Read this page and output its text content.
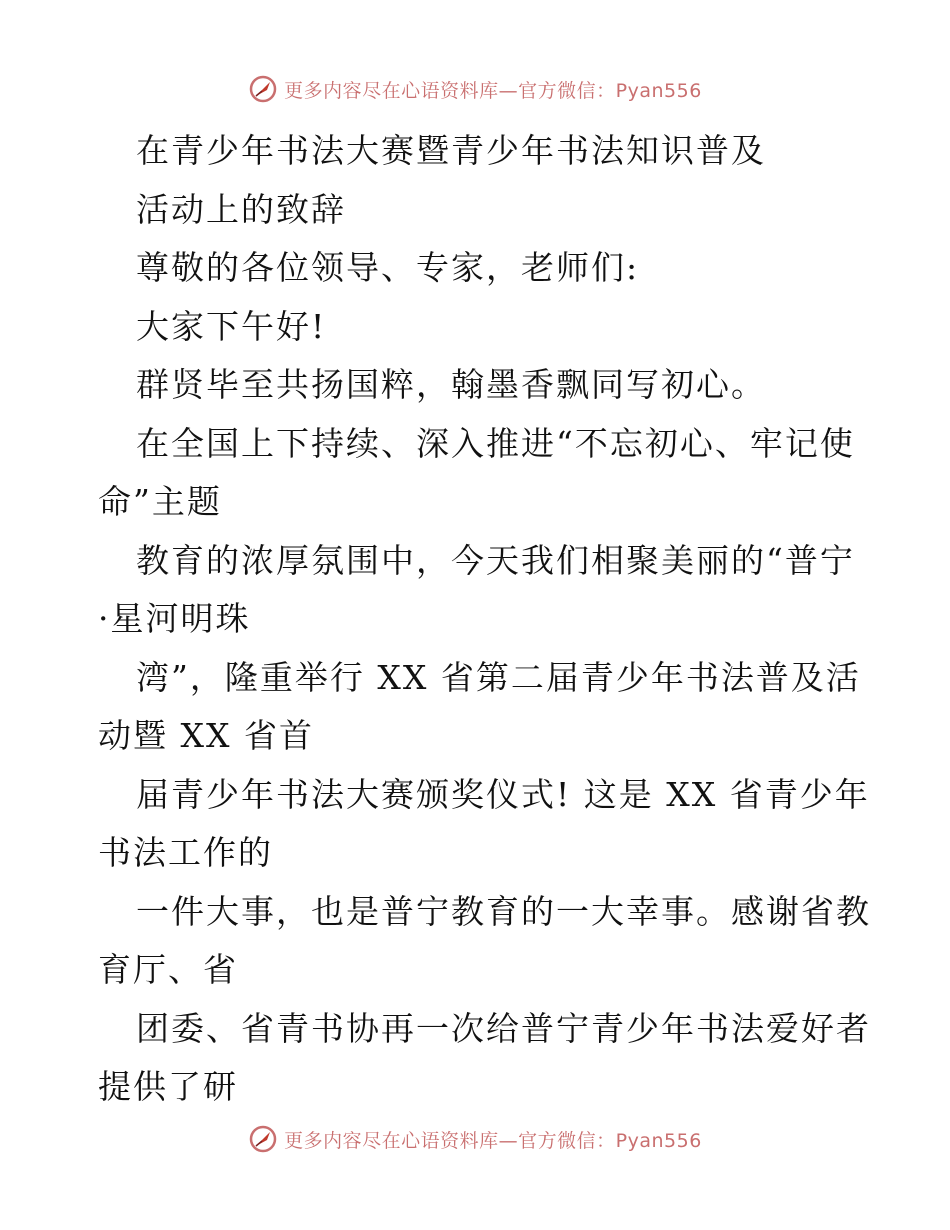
更多内容尽在心语资料库—官方微信：Pyan556
在青少年书法大赛暨青少年书法知识普及
活动上的致辞
尊敬的各位领导、专家，老师们:
大家下午好!
群贤毕至共扬国粹，翰墨香飘同写初心。
在全国上下持续、深入推进“不忘初心、牢记使
命”主题
教育的浓厚氛围中，今天我们相聚美丽的“普宁
·星河明珠
湾”，隆重举行 XX 省第二届青少年书法普及活
动暨 XX 省首
届青少年书法大赛颁奖仪式! 这是 XX 省青少年
书法工作的
一件大事，也是普宁教育的一大幸事。感谢省教
育厅、省
团委、省青书协再一次给普宁青少年书法爱好者
提供了研
更多内容尽在心语资料库—官方微信：Pyan556
